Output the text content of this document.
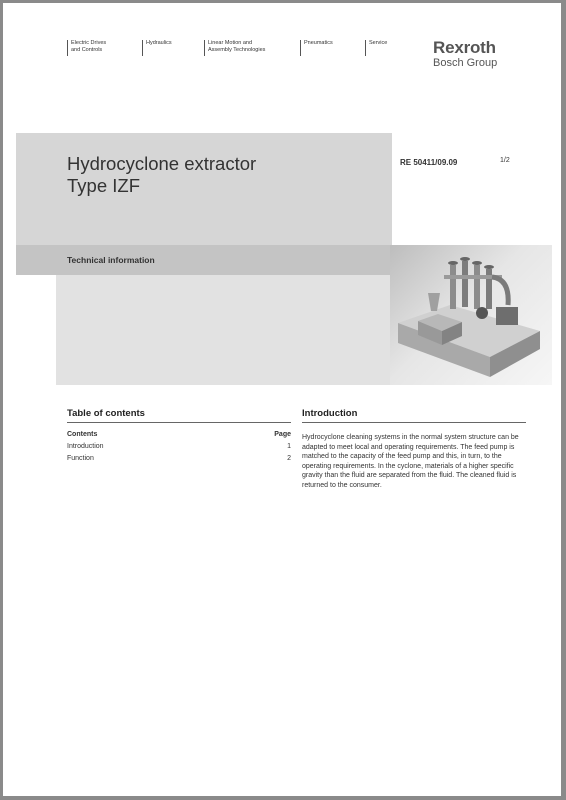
Electric Drives
and Controls
Hydraulics	Linear Motion and
Assembly Technologies
Pneumatics	Service	Rexroth
Bosch Group
Hydrocyclone extractor
Type IZF
RE 50411/09.09	1/2
Technical information
Table of contents
Contents	Page
Introduction	1
Function	2
Introduction
Hydrocyclone cleaning systems in the normal system structure can be adapted to meet local and operating requirements. The feed pump is matched to the capacity of the feed pump and this, in turn, to the operating requirements. In the cyclone, materials of a higher specific gravity than the fluid are separated from the fluid. The cleaned fluid is returned to the consumer.
